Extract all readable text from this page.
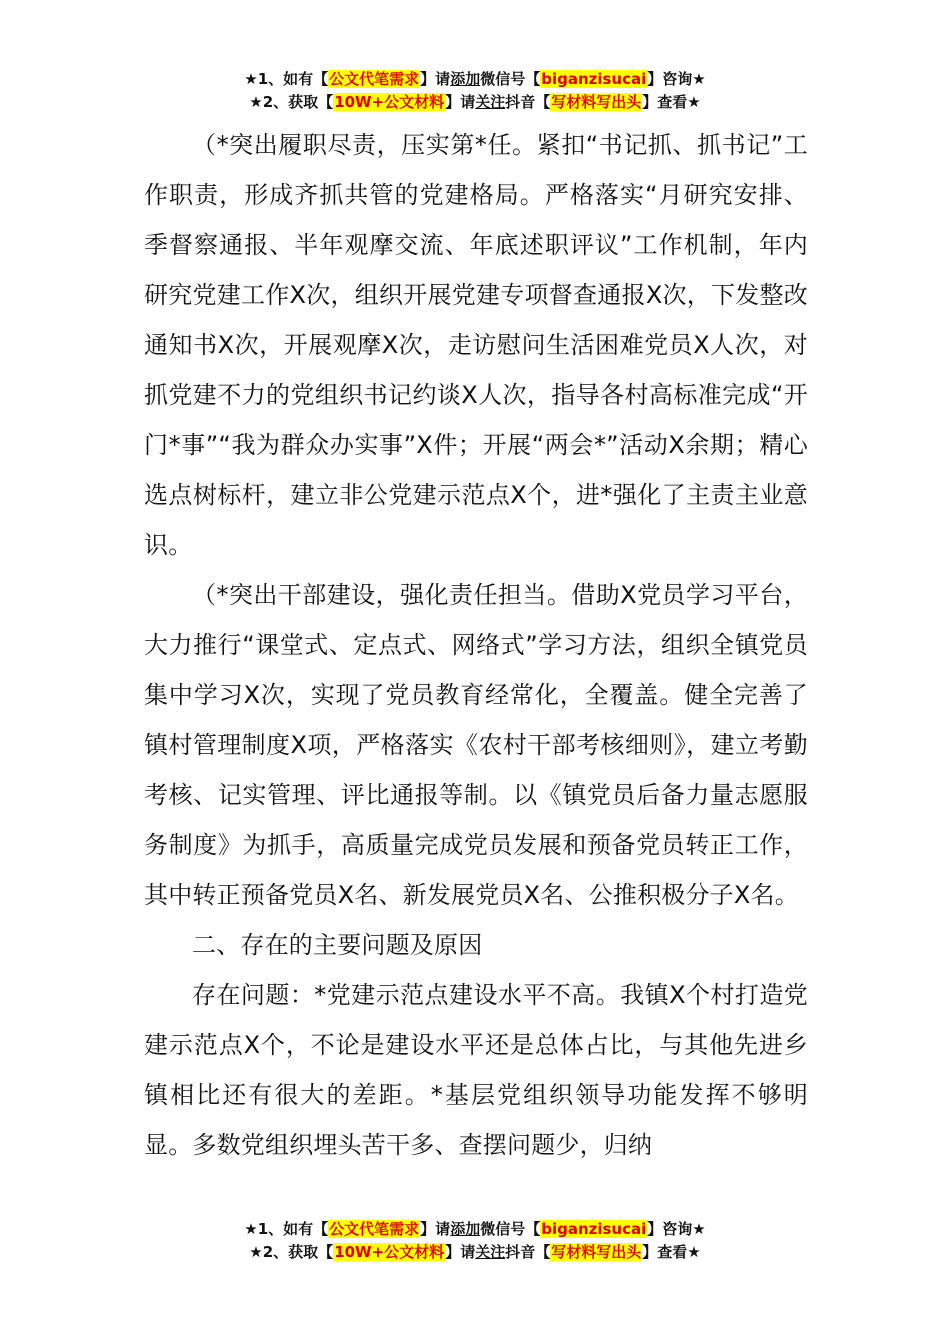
★1、如有【公文代笔需求】请添加微信号【biganzisucai】咨询★
★2、获取【10W+公文材料】请关注抖音【写材料写出头】查看★

（*突出履职尽责，压实第*任。紧扣“书记抓、抓书记”工作职责，形成齐抓共管的党建格局。严格落实“月研究安排、季督察通报、半年观摩交流、年底述职评议”工作机制，年内研究党建工作X次，组织开展党建专项督查通报X次，下发整改通知书X次，开展观摩X次，走访慰问生活困难党员X人次，对抓党建不力的党组织书记约谈X人次，指导各村高标准完成“开门*事”“我为群众办实事”X件；开展“两会*”活动X余期；精心选点树标杆，建立非公党建示范点X个，进*强化了主责主业意识。

（*突出干部建设，强化责任担当。借助X党员学习平台，大力推行“课堂式、定点式、网络式”学习方法，组织全镇党员集中学习X次，实现了党员教育经常化，全覆盖。健全完善了镇村管理制度X项，严格落实《农村干部考核细则》，建立考勤考核、记实管理、评比通报等制。以《镇党员后备力量志愿服务制度》为抓手，高质量完成党员发展和预备党员转正工作，其中转正预备党员X名、新发展党员X名、公推积极分子X名。

二、存在的主要问题及原因

存在问题：*党建示范点建设水平不高。我镇X个村打造党建示范点X个，不论是建设水平还是总体占比，与其他先进乡镇相比还有很大的差距。*基层党组织领导功能发挥不够明显。多数党组织埋头苦干多、查摆问题少，归纳

★1、如有【公文代笔需求】请添加微信号【biganzisucai】咨询★
★2、获取【10W+公文材料】请关注抖音【写材料写出头】查看★
